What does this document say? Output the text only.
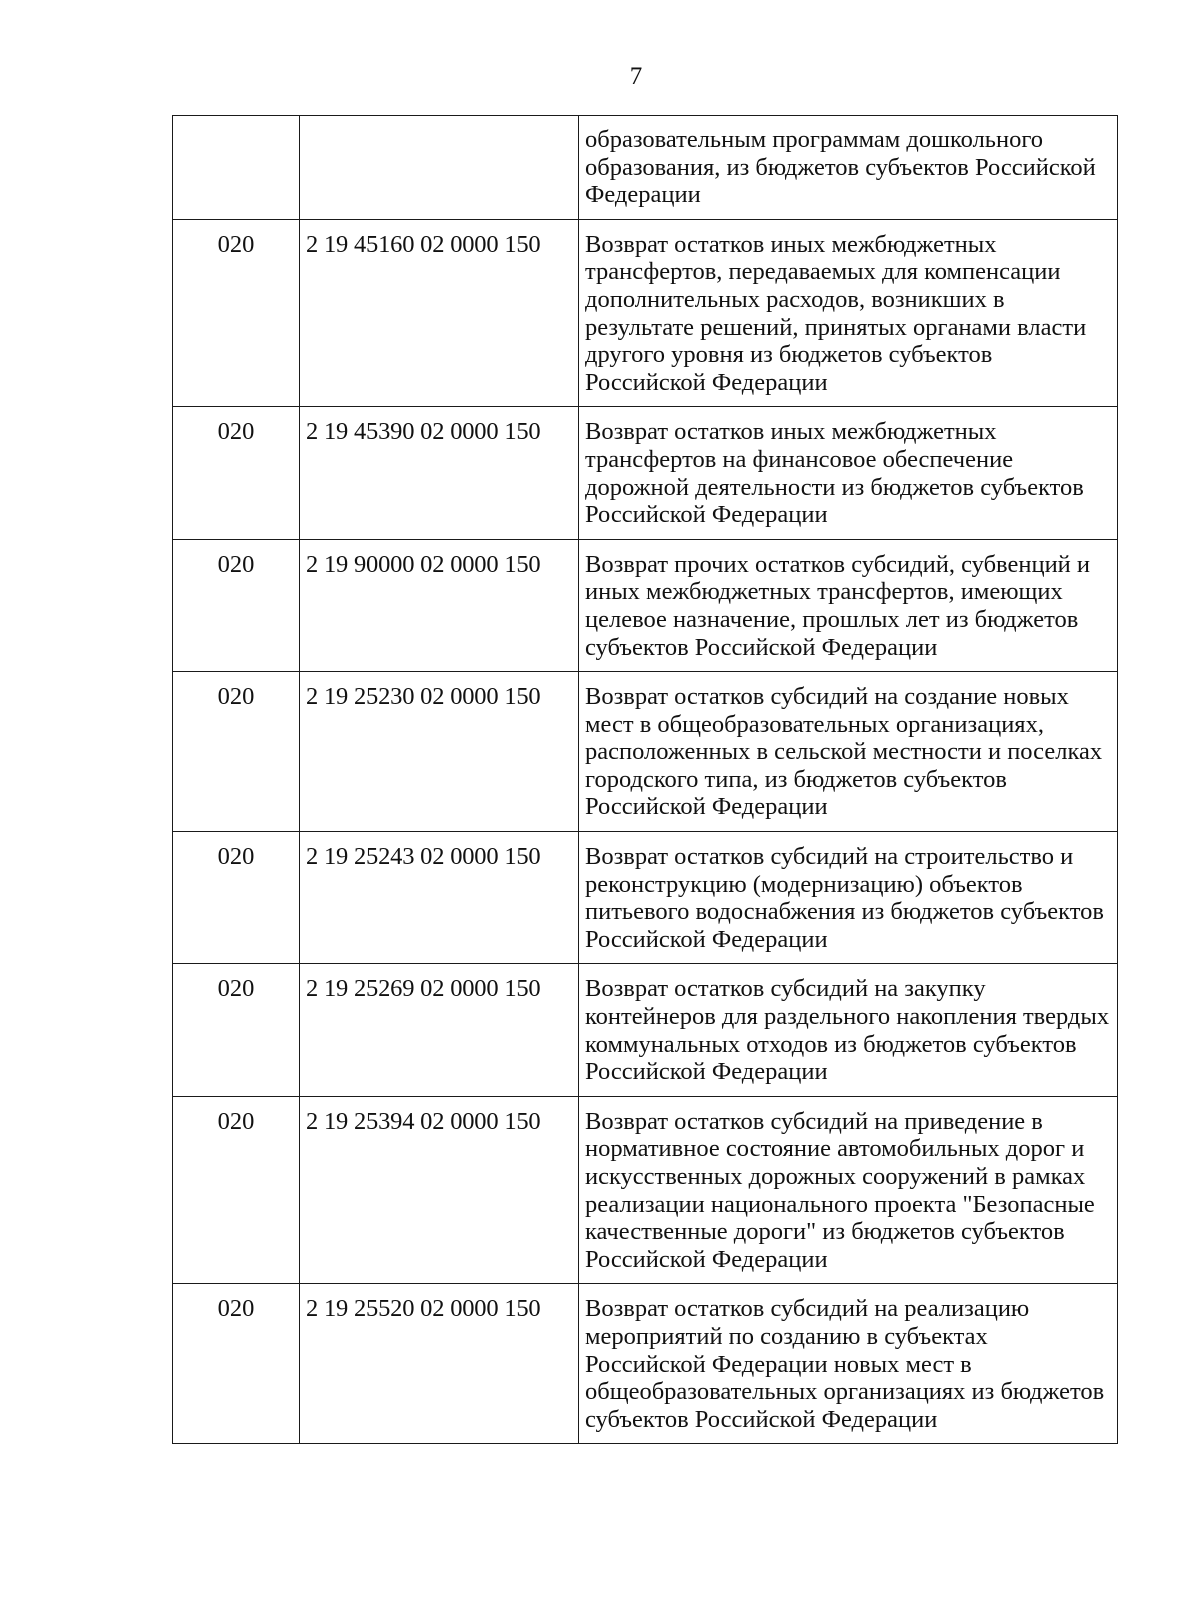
7
		образовательным программам дошкольного образования, из бюджетов субъектов Российской Федерации
020	2 19 45160 02 0000 150	Возврат остатков иных межбюджетных трансфертов, передаваемых для компенсации дополнительных расходов, возникших в результате решений, принятых органами власти другого уровня из бюджетов субъектов Российской Федерации
020	2 19 45390 02 0000 150	Возврат остатков иных межбюджетных трансфертов на финансовое обеспечение дорожной деятельности из бюджетов субъектов Российской Федерации
020	2 19 90000 02 0000 150	Возврат прочих остатков субсидий, субвенций и иных межбюджетных трансфертов, имеющих целевое назначение, прошлых лет из бюджетов субъектов Российской Федерации
020	2 19 25230 02 0000 150	Возврат остатков субсидий на создание новых мест в общеобразовательных организациях, расположенных в сельской местности и поселках городского типа, из бюджетов субъектов Российской Федерации
020	2 19 25243 02 0000 150	Возврат остатков субсидий на строительство и реконструкцию (модернизацию) объектов питьевого водоснабжения из бюджетов субъектов Российской Федерации
020	2 19 25269 02 0000 150	Возврат остатков субсидий на закупку контейнеров для раздельного накопления твердых коммунальных отходов из бюджетов субъектов Российской Федерации
020	2 19 25394 02 0000 150	Возврат остатков субсидий на приведение в нормативное состояние автомобильных дорог и искусственных дорожных сооружений в рамках реализации национального проекта "Безопасные качественные дороги" из бюджетов субъектов Российской Федерации
020	2 19 25520 02 0000 150	Возврат остатков субсидий на реализацию мероприятий по созданию в субъектах Российской Федерации новых мест в общеобразовательных организациях из бюджетов субъектов Российской Федерации
